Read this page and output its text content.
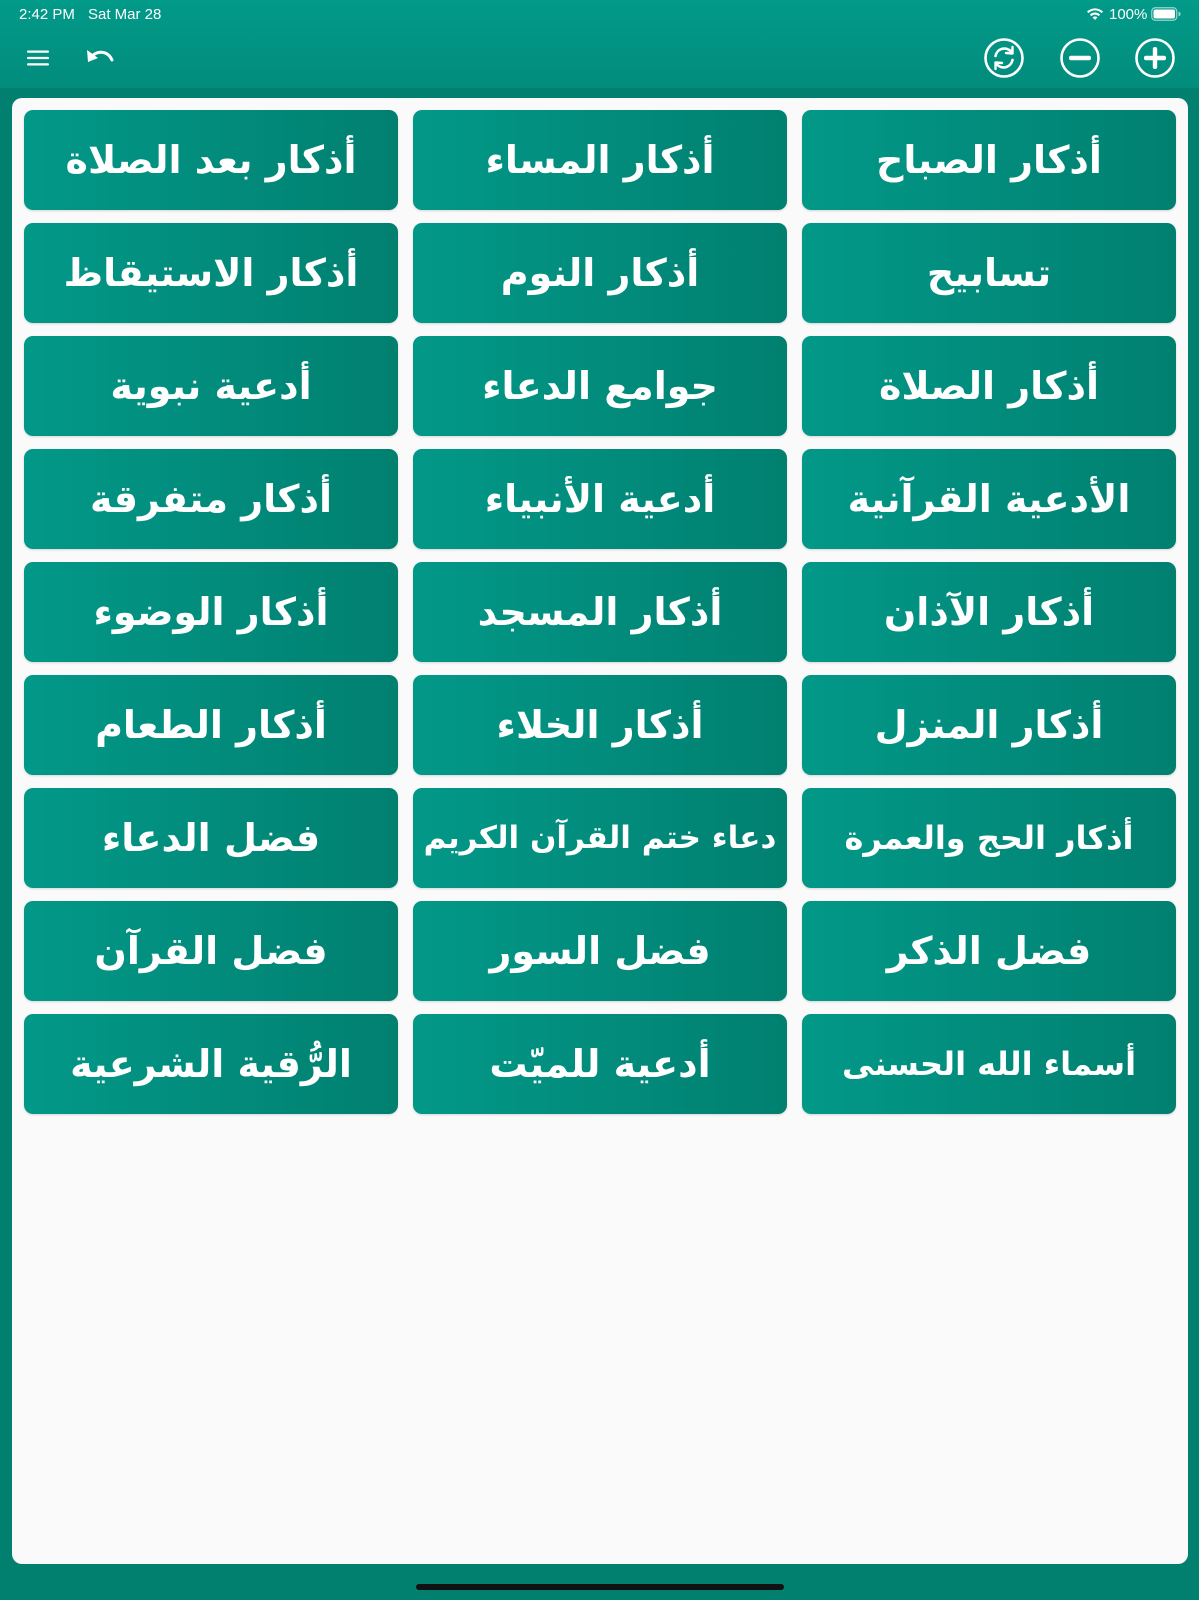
2:42 PM Sat Mar 28	100%
أذكار الصباح
أذكار المساء
أذكار بعد الصلاة
تسابيح
أذكار النوم
أذكار الاستيقاظ
أذكار الصلاة
جوامع الدعاء
أدعية نبوية
الأدعية القرآنية
أدعية الأنبياء
أذكار متفرقة
أذكار الآذان
أذكار المسجد
أذكار الوضوء
أذكار المنزل
أذكار الخلاء
أذكار الطعام
أذكار الحج والعمرة
دعاء ختم القرآن الكريم
فضل الدعاء
فضل الذكر
فضل السور
فضل القرآن
أسماء الله الحسنى
أدعية للميّت
الرُّقية الشرعية
